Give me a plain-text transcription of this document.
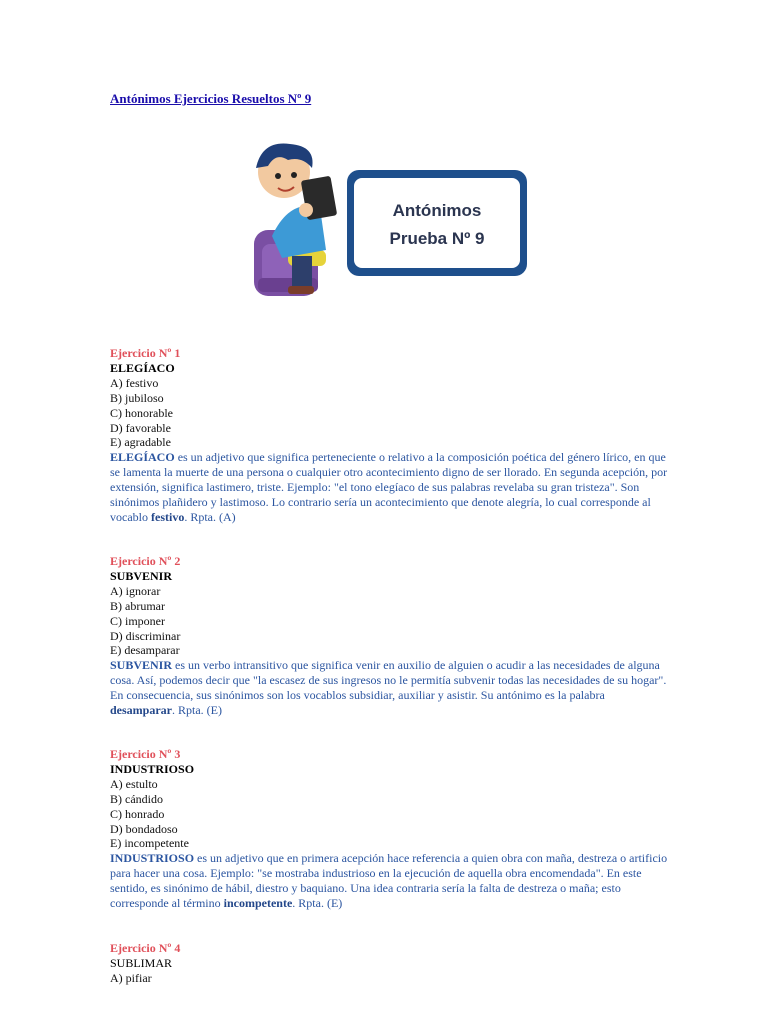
Antónimos Ejercicios Resueltos Nº 9
Antónimos
Prueba Nº 9
Ejercicio Nº 1
ELEGÍACO
A) festivo
B) jubiloso
C) honorable
D) favorable
E) agradable
ELEGÍACO es un adjetivo que significa perteneciente o relativo a la composición poética del género lírico, en que se lamenta la muerte de una persona o cualquier otro acontecimiento digno de ser llorado. En segunda acepción, por extensión, significa lastimero, triste. Ejemplo: "el tono elegíaco de sus palabras revelaba su gran tristeza". Son sinónimos plañidero y lastimoso. Lo contrario sería un acontecimiento que denote alegría, lo cual corresponde al vocablo festivo. Rpta. (A)
Ejercicio Nº 2
SUBVENIR
A) ignorar
B) abrumar
C) imponer
D) discriminar
E) desamparar
SUBVENIR es un verbo intransitivo que significa venir en auxilio de alguien o acudir a las necesidades de alguna cosa. Así, podemos decir que "la escasez de sus ingresos no le permitía subvenir todas las necesidades de su hogar". En consecuencia, sus sinónimos son los vocablos subsidiar, auxiliar y asistir. Su antónimo es la palabra desamparar. Rpta. (E)
Ejercicio Nº 3
INDUSTRIOSO
A) estulto
B) cándido
C) honrado
D) bondadoso
E) incompetente
INDUSTRIOSO es un adjetivo que en primera acepción hace referencia a quien obra con maña, destreza o artificio para hacer una cosa. Ejemplo: "se mostraba industrioso en la ejecución de aquella obra encomendada". En este sentido, es sinónimo de hábil, diestro y baquiano. Una idea contraria sería la falta de destreza o maña; esto corresponde al término incompetente. Rpta. (E)
Ejercicio Nº 4
SUBLIMAR
A) pifiar
